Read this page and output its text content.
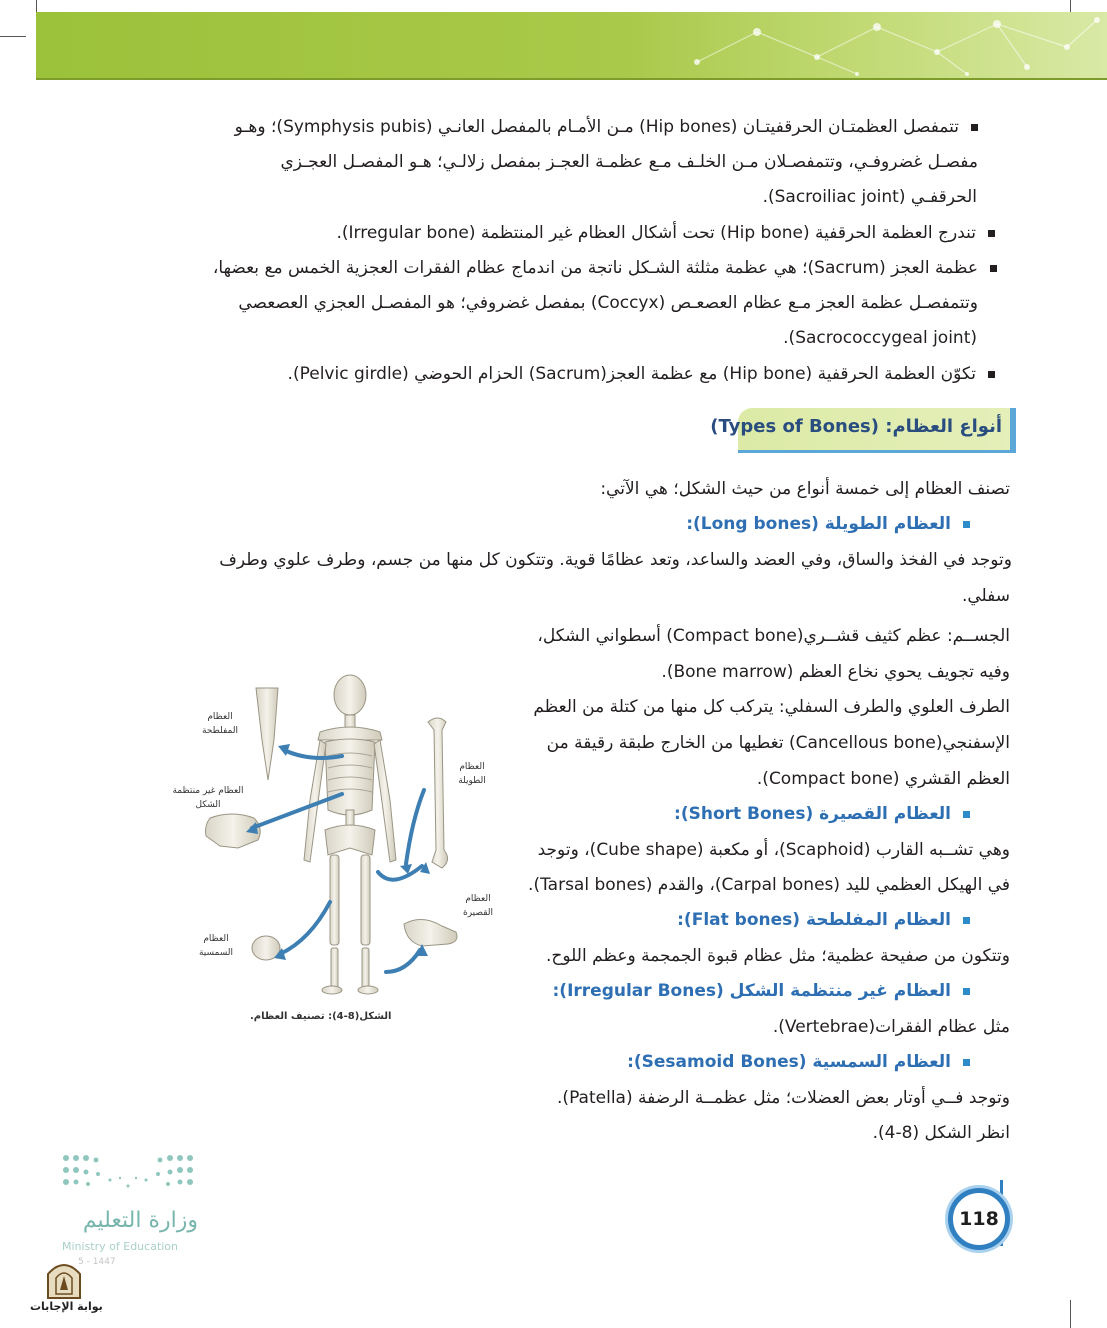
تتمفصل العظمتـان الحرقفيتـان (Hip bones) مـن الأمـام بالمفصل العانـي (Symphysis pubis)؛ وهـو

مفصـل غضروفـي، وتتمفصـلان مـن الخلـف مـع عظمـة العجـز بمفصل زلالـي؛ هـو المفصـل العجـزي

الحرقفـي (Sacroiliac joint).

تندرج العظمة الحرقفية (Hip bone) تحت أشكال العظام غير المنتظمة (Irregular bone).

عظمة العجز (Sacrum)؛ هي عظمة مثلثة الشـكل ناتجة من اندماج عظام الفقرات العجزية الخمس مع بعضها،

وتتمفصـل عظمة العجز مـع عظام العصعـص (Coccyx) بمفصل غضروفي؛ هو المفصـل العجزي العصعصي

(Sacrococcygeal joint).

تكوّن العظمة الحرقفية (Hip bone) مع عظمة العجز(Sacrum) الحزام الحوضي (Pelvic girdle).

أنواع العظام: (Types of Bones)

تصنف العظام إلى خمسة أنواع من حيث الشكل؛ هي الآتي:

العظام الطويلة (Long bones):

وتوجد في الفخذ والساق، وفي العضد والساعد، وتعد عظامًا قوية. وتتكون كل منها من جسم، وطرف علوي وطرف

سفلي.

الجســم: عظم كثيف قشــري(Compact bone) أسطواني الشكل،

وفيه تجويف يحوي نخاع العظم (Bone marrow).

الطرف العلوي والطرف السفلي: يتركب كل منها من كتلة من العظم

الإسفنجي(Cancellous bone) تغطيها من الخارج طبقة رقيقة من

العظم القشري (Compact bone).

العظام القصيرة (Short Bones):

وهي تشــبه القارب (Scaphoid)، أو مكعبة (Cube shape)، وتوجد

في الهيكل العظمي لليد (Carpal bones)، والقدم (Tarsal bones).

العظام المفلطحة (Flat bones):

وتتكون من صفيحة عظمية؛ مثل عظام قبوة الجمجمة وعظم اللوح.

العظام غير منتظمة الشكل (Irregular Bones):

مثل عظام الفقرات(Vertebrae).

العظام السمسية (Sesamoid Bones):

وتوجد فــي أوتار بعض العضلات؛ مثل عظمــة الرضفة (Patella).

انظر الشكل (8-4).

العظام المفلطحة
العظام غير منتظمة الشكل
العظام الطويلة
العظام القصيرة
العظام السمسية
الشكل(8-4): تصنيف العظام.
118
وزارة التعليم
Ministry of Education
5 - 1447
بوابة الإجابات
